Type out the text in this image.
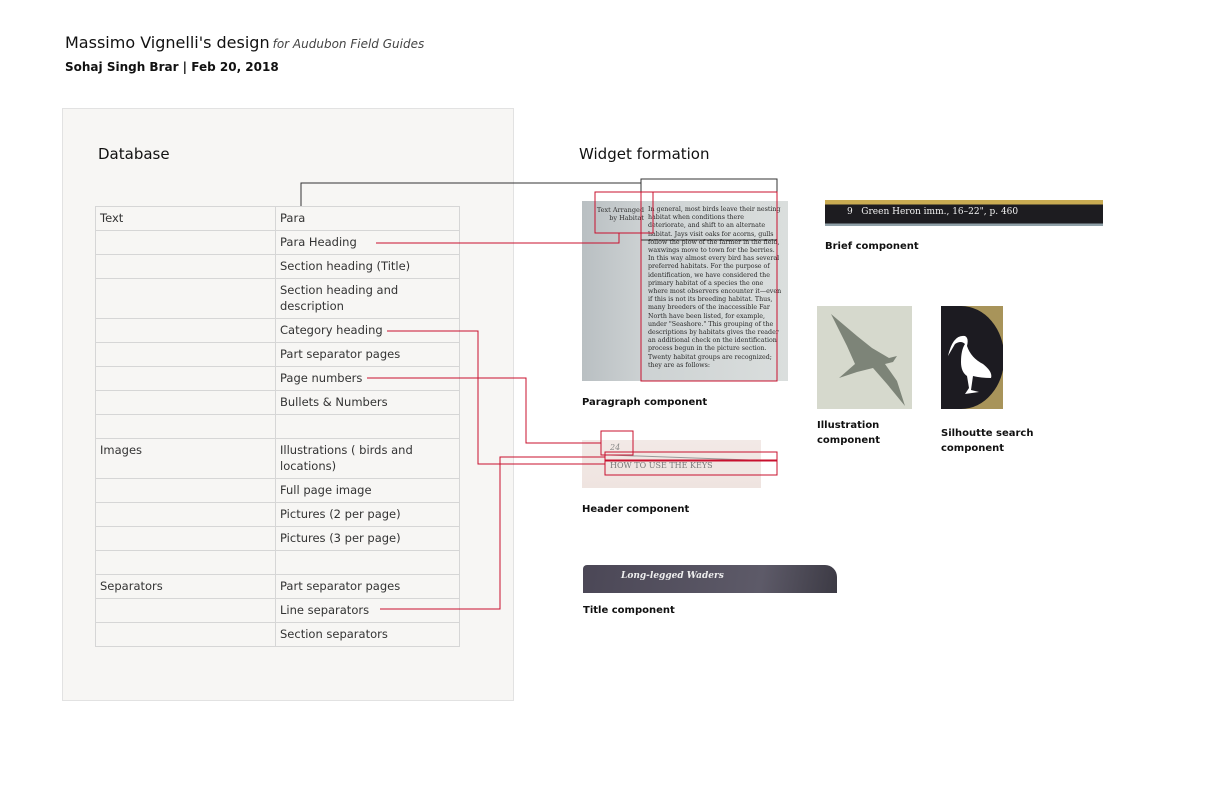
Massimo Vignelli's design for Audubon Field Guides
Sohaj Singh Brar | Feb 20, 2018
Database
Text	Para
	Para Heading
	Section heading (Title)
	Section heading and description
	Category heading
	Part separator pages
	Page numbers
	Bullets & Numbers

Images	Illustrations ( birds and locations)
	Full page image
	Pictures (2 per page)
	Pictures (3 per page)

Separators	Part separator pages
	Line separators
	Section separators
Widget formation
Text Arranged by Habitat
In general, most birds leave their nesting habitat when conditions there deteriorate, and shift to an alternate habitat. Jays visit oaks for acorns, gulls follow the plow of the farmer in the field, waxwings move to town for the berries. In this way almost every bird has several preferred habitats. For the purpose of identification, we have considered the primary habitat of a species the one where most observers encounter it—even if this is not its breeding habitat. Thus, many breeders of the inaccessible Far North have been listed, for example, under "Seashore." This grouping of the descriptions by habitats gives the reader an additional check on the identification process begun in the picture section. Twenty habitat groups are recognized; they are as follows:
Paragraph component
24
HOW TO USE THE KEYS
Header component
Long-legged Waders
Title component
9   Green Heron imm., 16–22", p. 460
Brief component
Illustration component
Silhoutte search component
